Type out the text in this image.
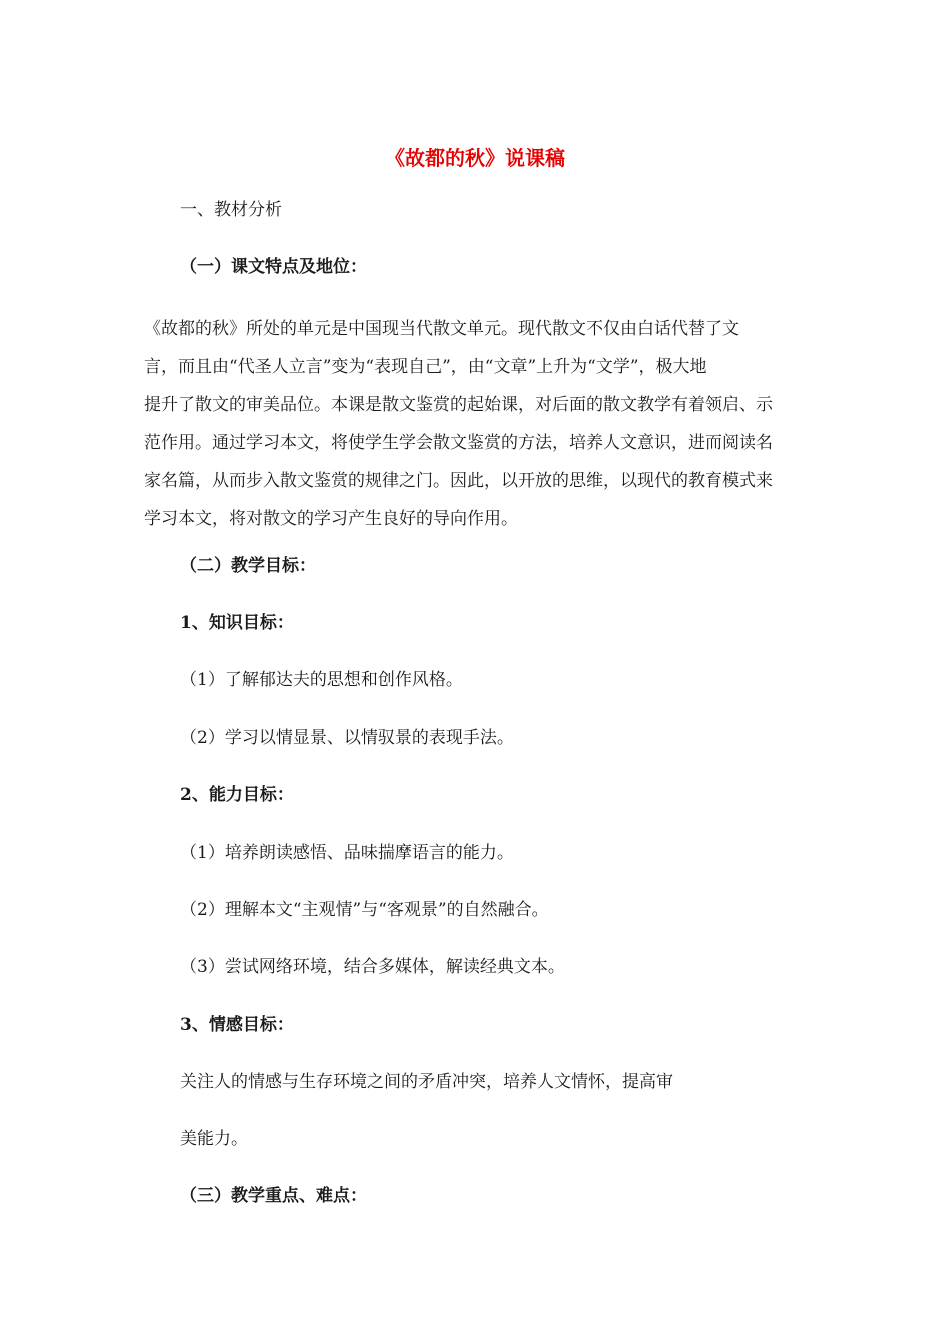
《故都的秋》说课稿
一、教材分析
（一）课文特点及地位：
《故都的秋》所处的单元是中国现当代散文单元。现代散文不仅由白话代替了文
言，而且由“代圣人立言”变为“表现自己”，由“文章”上升为“文学”，极大地
提升了散文的审美品位。本课是散文鉴赏的起始课，对后面的散文教学有着领启、示
范作用。通过学习本文，将使学生学会散文鉴赏的方法，培养人文意识，进而阅读名
家名篇，从而步入散文鉴赏的规律之门。因此，以开放的思维，以现代的教育模式来
学习本文，将对散文的学习产生良好的导向作用。
（二）教学目标：
1、知识目标：
（1）了解郁达夫的思想和创作风格。
（2）学习以情显景、以情驭景的表现手法。
2、能力目标：
（1）培养朗读感悟、品味揣摩语言的能力。
（2）理解本文“主观情”与“客观景”的自然融合。
（3）尝试网络环境，结合多媒体，解读经典文本。
3、情感目标：
关注人的情感与生存环境之间的矛盾冲突，培养人文情怀，提高审
美能力。
（三）教学重点、难点：
